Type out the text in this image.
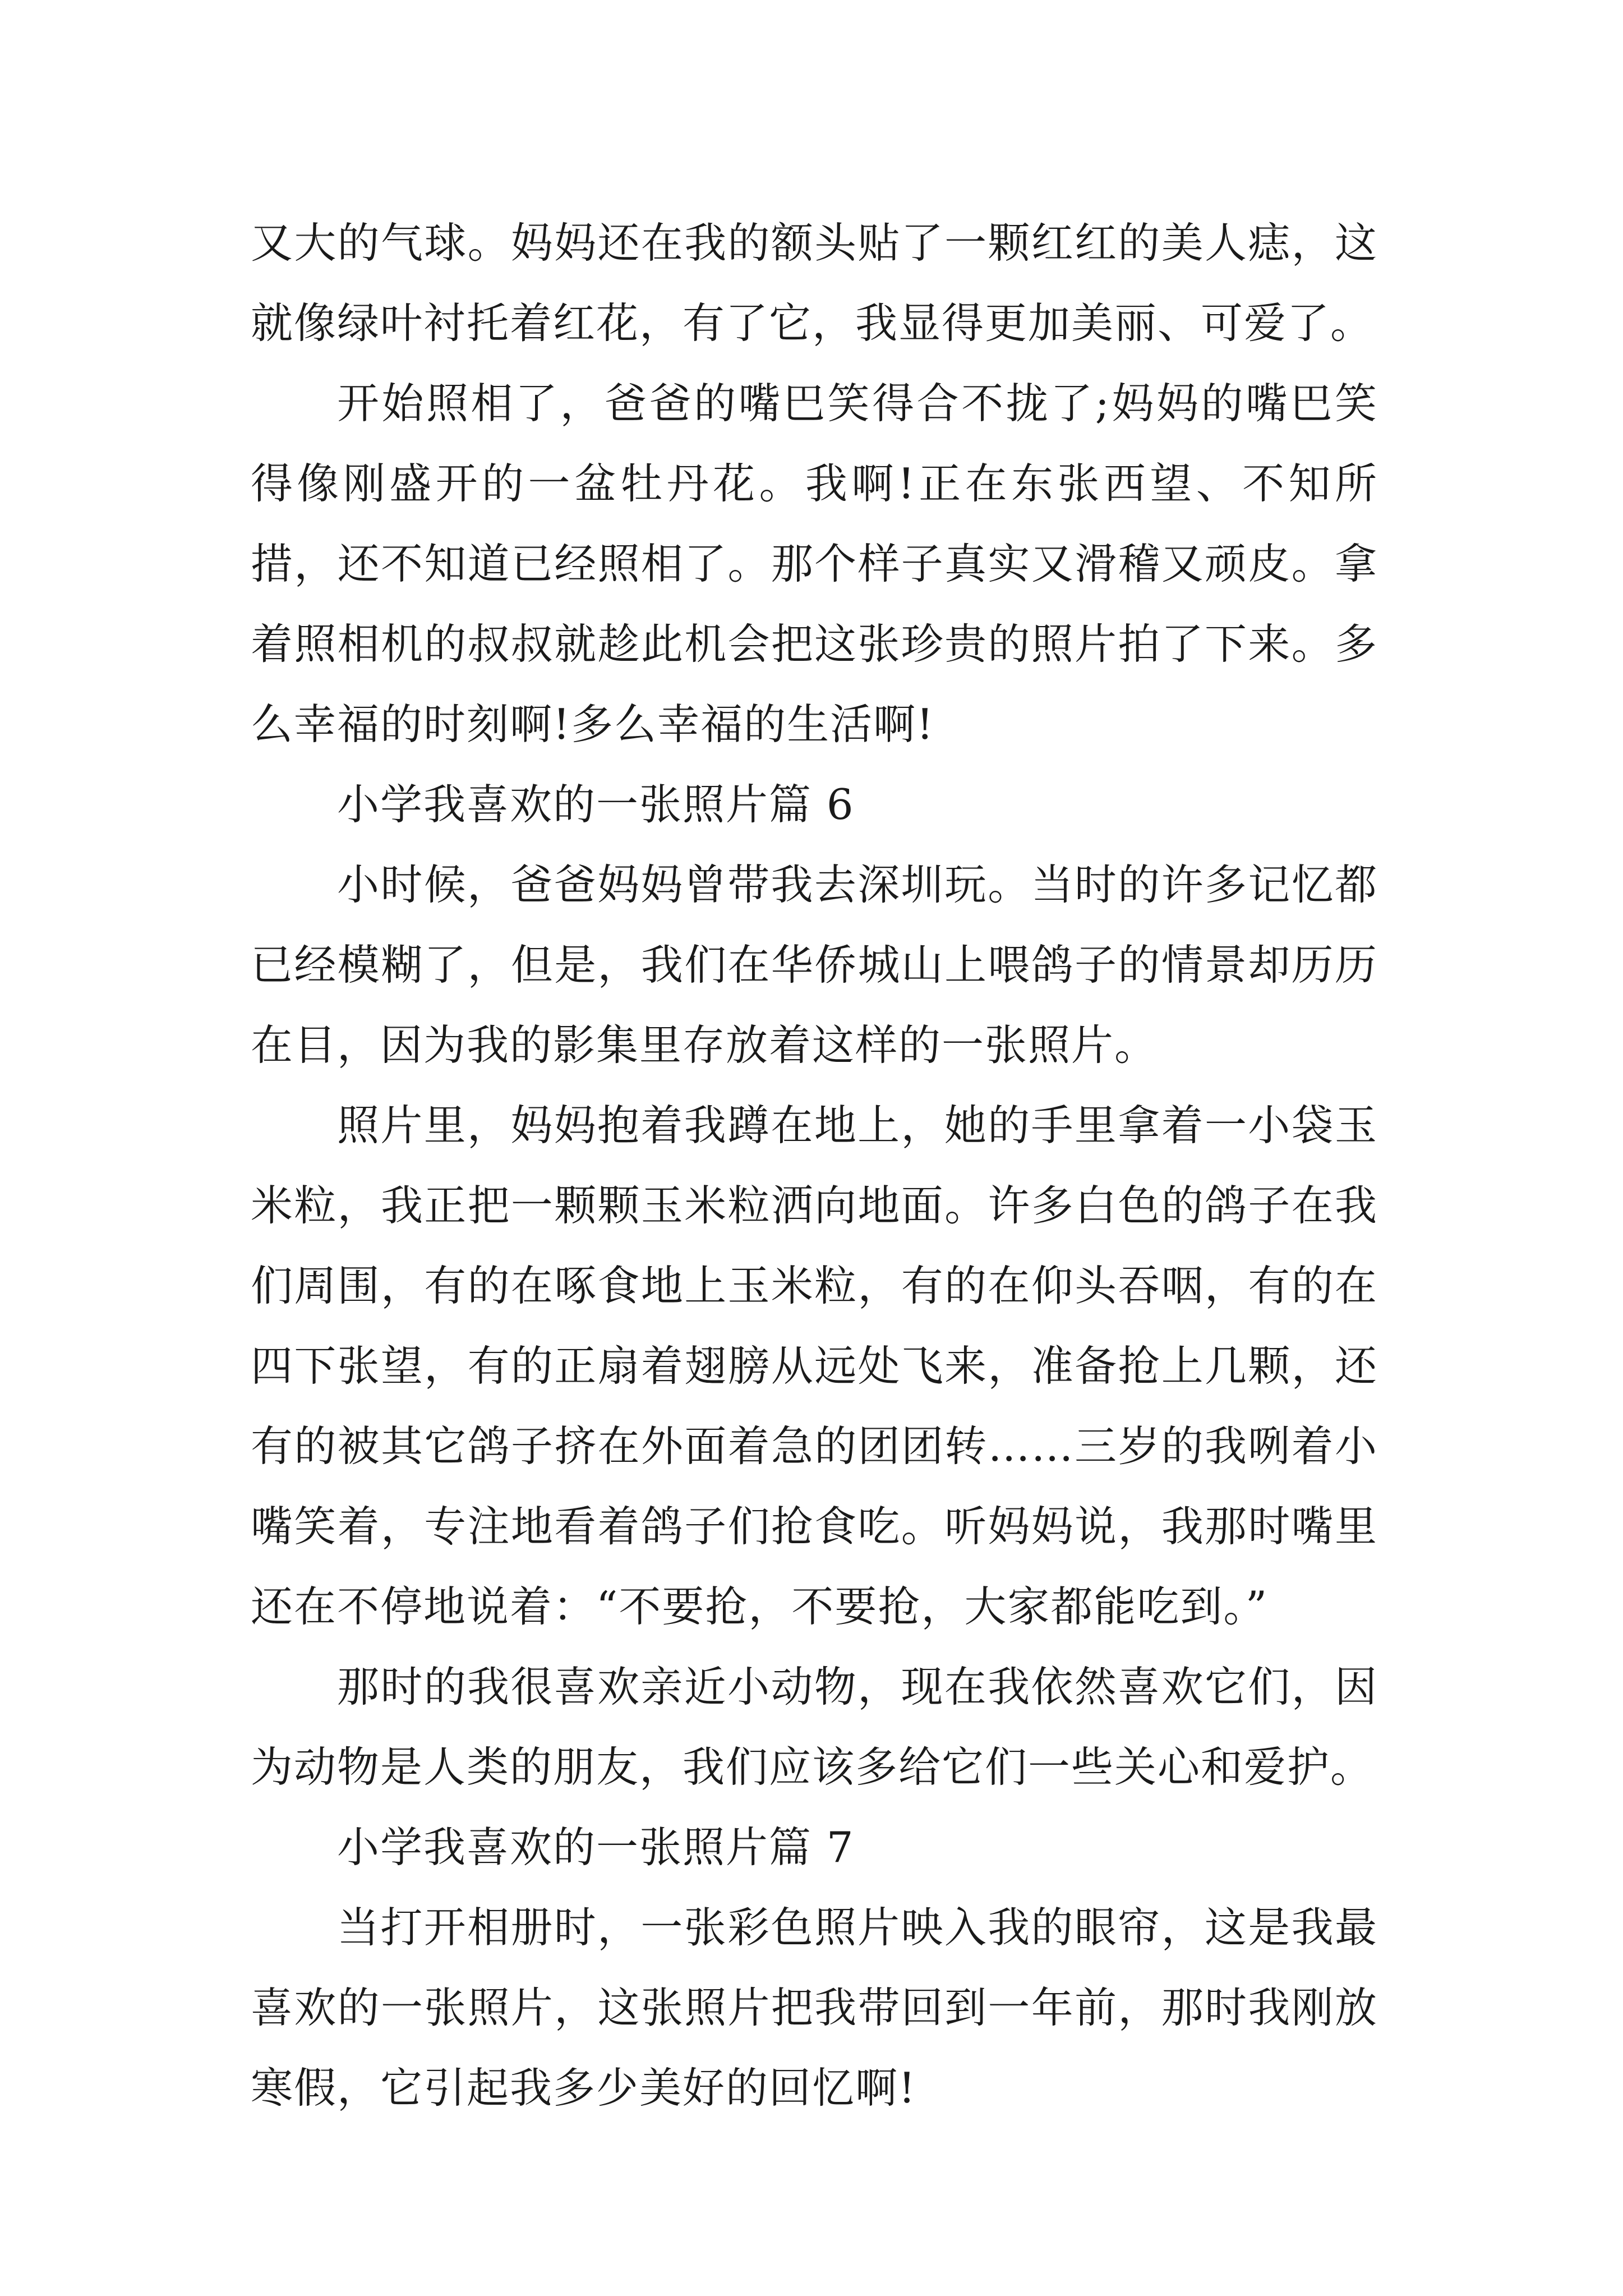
又大的气球。妈妈还在我的额头贴了一颗红红的美人痣，这就像绿叶衬托着红花，有了它，我显得更加美丽、可爱了。

开始照相了，爸爸的嘴巴笑得合不拢了;妈妈的嘴巴笑得像刚盛开的一盆牡丹花。我啊!正在东张西望、不知所措，还不知道已经照相了。那个样子真实又滑稽又顽皮。拿着照相机的叔叔就趁此机会把这张珍贵的照片拍了下来。多么幸福的时刻啊!多么幸福的生活啊!

小学我喜欢的一张照片篇 6

小时候，爸爸妈妈曾带我去深圳玩。当时的许多记忆都已经模糊了，但是，我们在华侨城山上喂鸽子的情景却历历在目，因为我的影集里存放着这样的一张照片。

照片里，妈妈抱着我蹲在地上，她的手里拿着一小袋玉米粒，我正把一颗颗玉米粒洒向地面。许多白色的鸽子在我们周围，有的在啄食地上玉米粒，有的在仰头吞咽，有的在四下张望，有的正扇着翅膀从远处飞来，准备抢上几颗，还有的被其它鸽子挤在外面着急的团团转……三岁的我咧着小嘴笑着，专注地看着鸽子们抢食吃。听妈妈说，我那时嘴里还在不停地说着：“不要抢，不要抢，大家都能吃到。”

那时的我很喜欢亲近小动物，现在我依然喜欢它们，因为动物是人类的朋友，我们应该多给它们一些关心和爱护。

小学我喜欢的一张照片篇 7

当打开相册时，一张彩色照片映入我的眼帘，这是我最喜欢的一张照片，这张照片把我带回到一年前，那时我刚放寒假，它引起我多少美好的回忆啊!
